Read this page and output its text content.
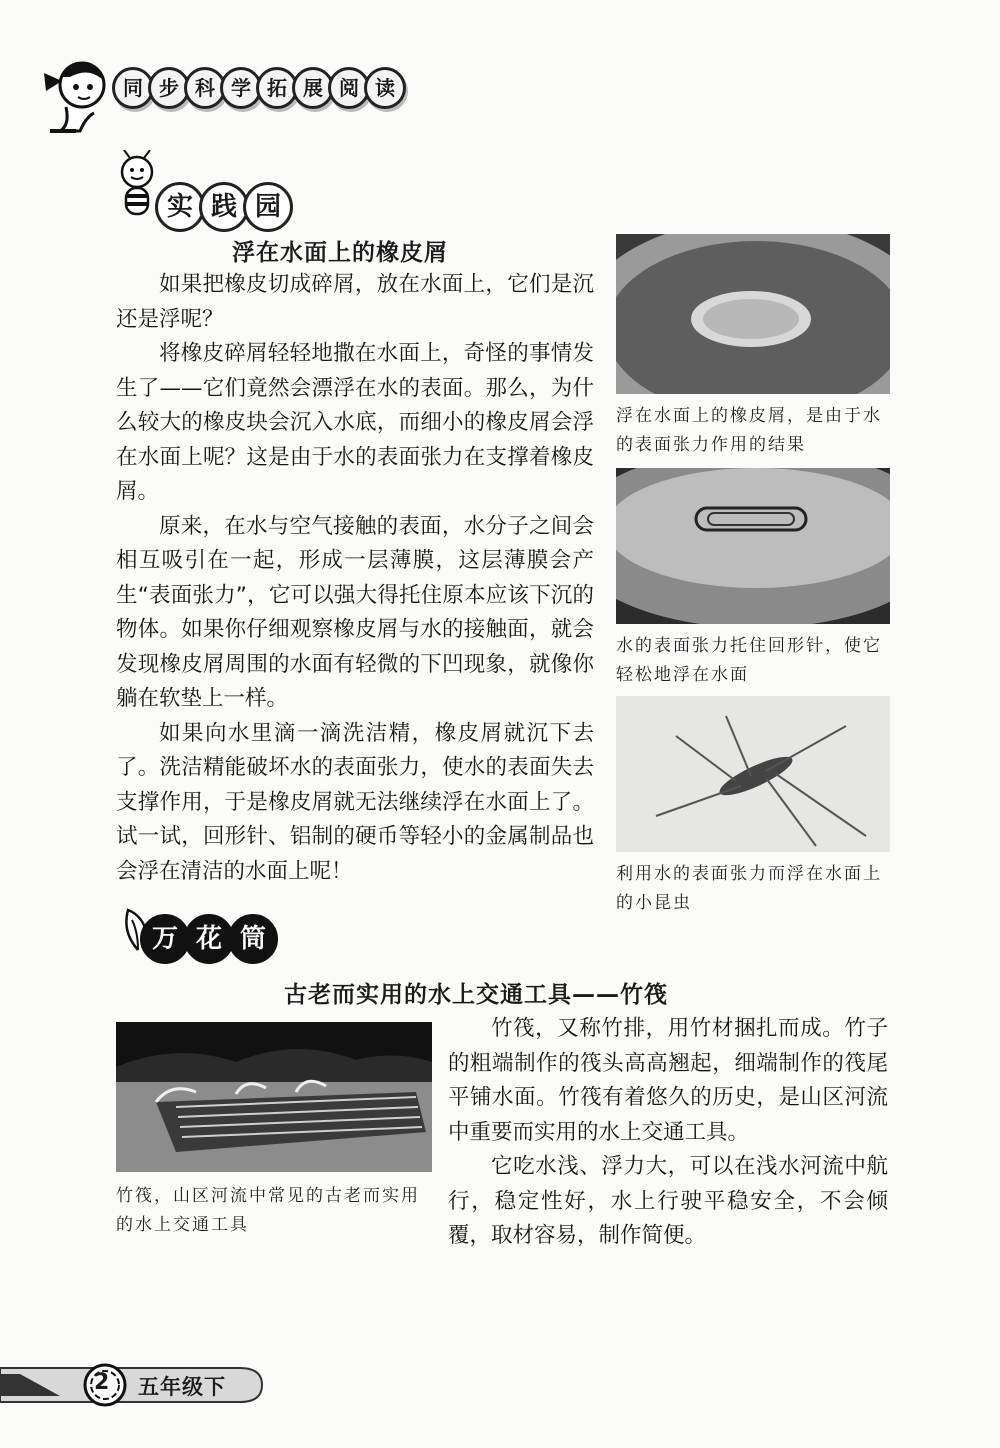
同 步 科 学 拓 展 阅 读
实 践 园
浮在水面上的橡皮屑

如果把橡皮切成碎屑，放在水面上，它们是沉还是浮呢？

将橡皮碎屑轻轻地撒在水面上，奇怪的事情发生了——它们竟然会漂浮在水的表面。那么，为什么较大的橡皮块会沉入水底，而细小的橡皮屑会浮在水面上呢？这是由于水的表面张力在支撑着橡皮屑。

原来，在水与空气接触的表面，水分子之间会相互吸引在一起，形成一层薄膜，这层薄膜会产生“表面张力”，它可以强大得托住原本应该下沉的物体。如果你仔细观察橡皮屑与水的接触面，就会发现橡皮屑周围的水面有轻微的下凹现象，就像你躺在软垫上一样。

如果向水里滴一滴洗洁精，橡皮屑就沉下去了。洗洁精能破坏水的表面张力，使水的表面失去支撑作用，于是橡皮屑就无法继续浮在水面上了。试一试，回形针、铝制的硬币等轻小的金属制品也会浮在清洁的水面上呢！

浮在水面上的橡皮屑，是由于水的表面张力作用的结果

水的表面张力托住回形针，使它轻松地浮在水面

利用水的表面张力而浮在水面上的小昆虫

万 花 筒
古老而实用的水上交通工具——竹筏

竹筏，山区河流中常见的古老而实用的水上交通工具

竹筏，又称竹排，用竹材捆扎而成。竹子的粗端制作的筏头高高翘起，细端制作的筏尾平铺水面。竹筏有着悠久的历史，是山区河流中重要而实用的水上交通工具。

它吃水浅、浮力大，可以在浅水河流中航行，稳定性好，水上行驶平稳安全，不会倾覆，取材容易，制作简便。

2 五年级下
